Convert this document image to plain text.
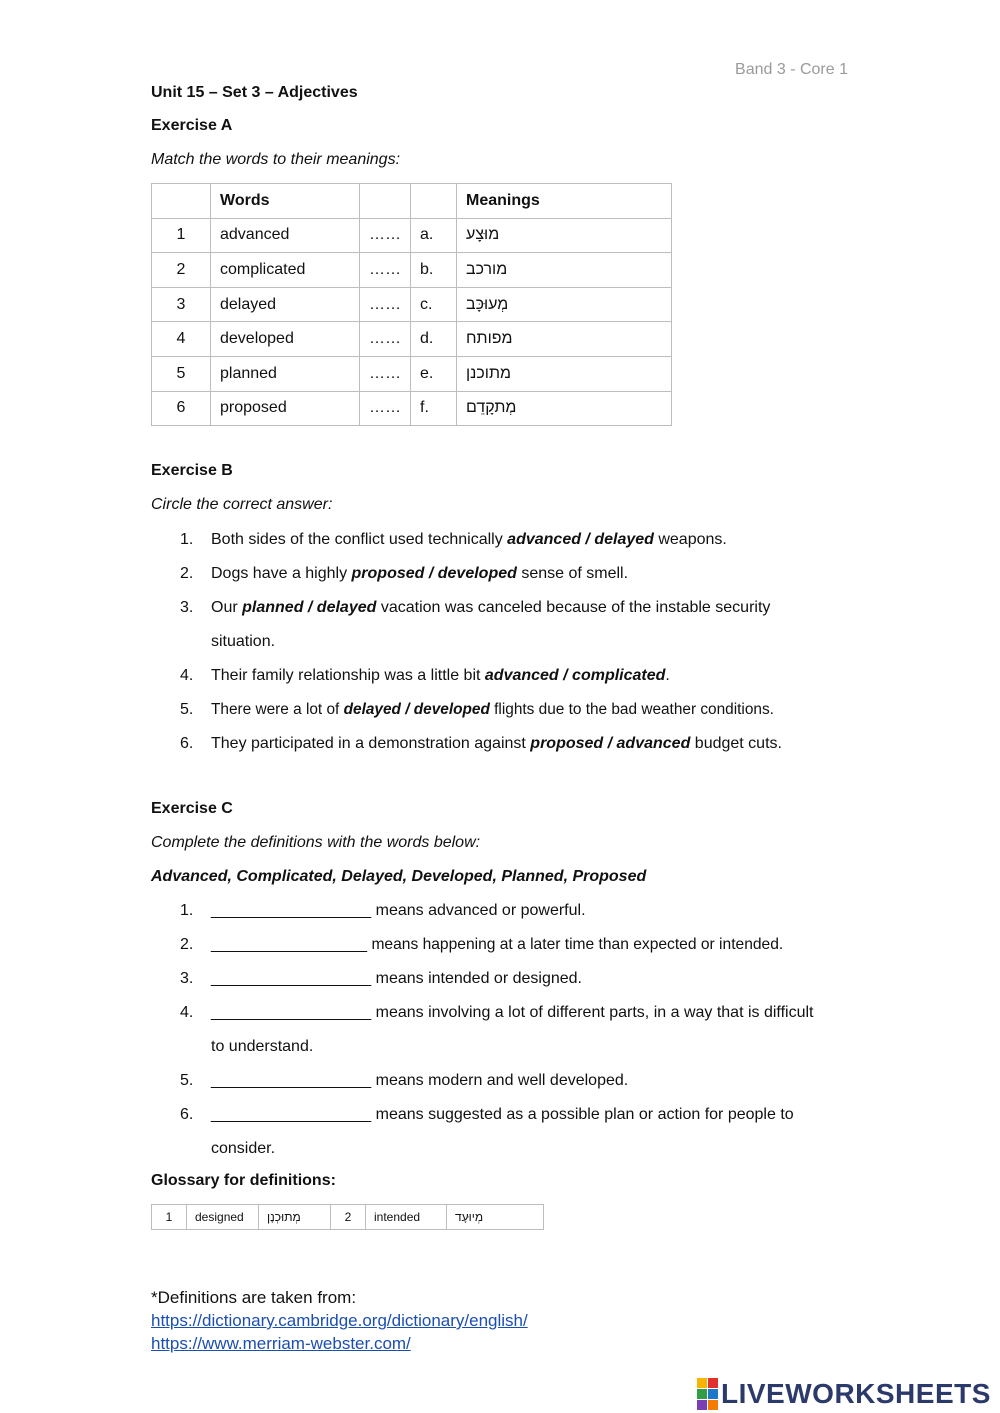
Band 3 - Core 1
Unit 15 – Set 3 – Adjectives
Exercise A
Match the words to their meanings:
	Words			Meanings
1	advanced	……	a.	מוּצָע
2	complicated	……	b.	מורכב
3	delayed	……	c.	מְעוּכָּב
4	developed	……	d.	מפותח
5	planned	……	e.	מתוכנן
6	proposed	……	f.	מְתקָדֵם
Exercise B
Circle the correct answer:
1.	Both sides of the conflict used technically advanced / delayed weapons.
2.	Dogs have a highly proposed / developed sense of smell.
3.	Our planned / delayed vacation was canceled because of the instable security situation.
4.	Their family relationship was a little bit advanced / complicated.
5.	There were a lot of delayed / developed flights due to the bad weather conditions.
6.	They participated in a demonstration against proposed / advanced budget cuts.
Exercise C
Complete the definitions with the words below:
Advanced, Complicated, Delayed, Developed, Planned, Proposed
1.	__________________ means advanced or powerful.
2.	__________________ means happening at a later time than expected or intended.
3.	__________________ means intended or designed.
4.	__________________ means involving a lot of different parts, in a way that is difficult to understand.
5.	__________________ means modern and well developed.
6.	__________________ means suggested as a possible plan or action for people to consider.
Glossary for definitions:
1	designed	מְתוּכְנָן	2	intended	מְיוּעָד
*Definitions are taken from:
https://dictionary.cambridge.org/dictionary/english/
https://www.merriam-webster.com/
LIVEWORKSHEETS
